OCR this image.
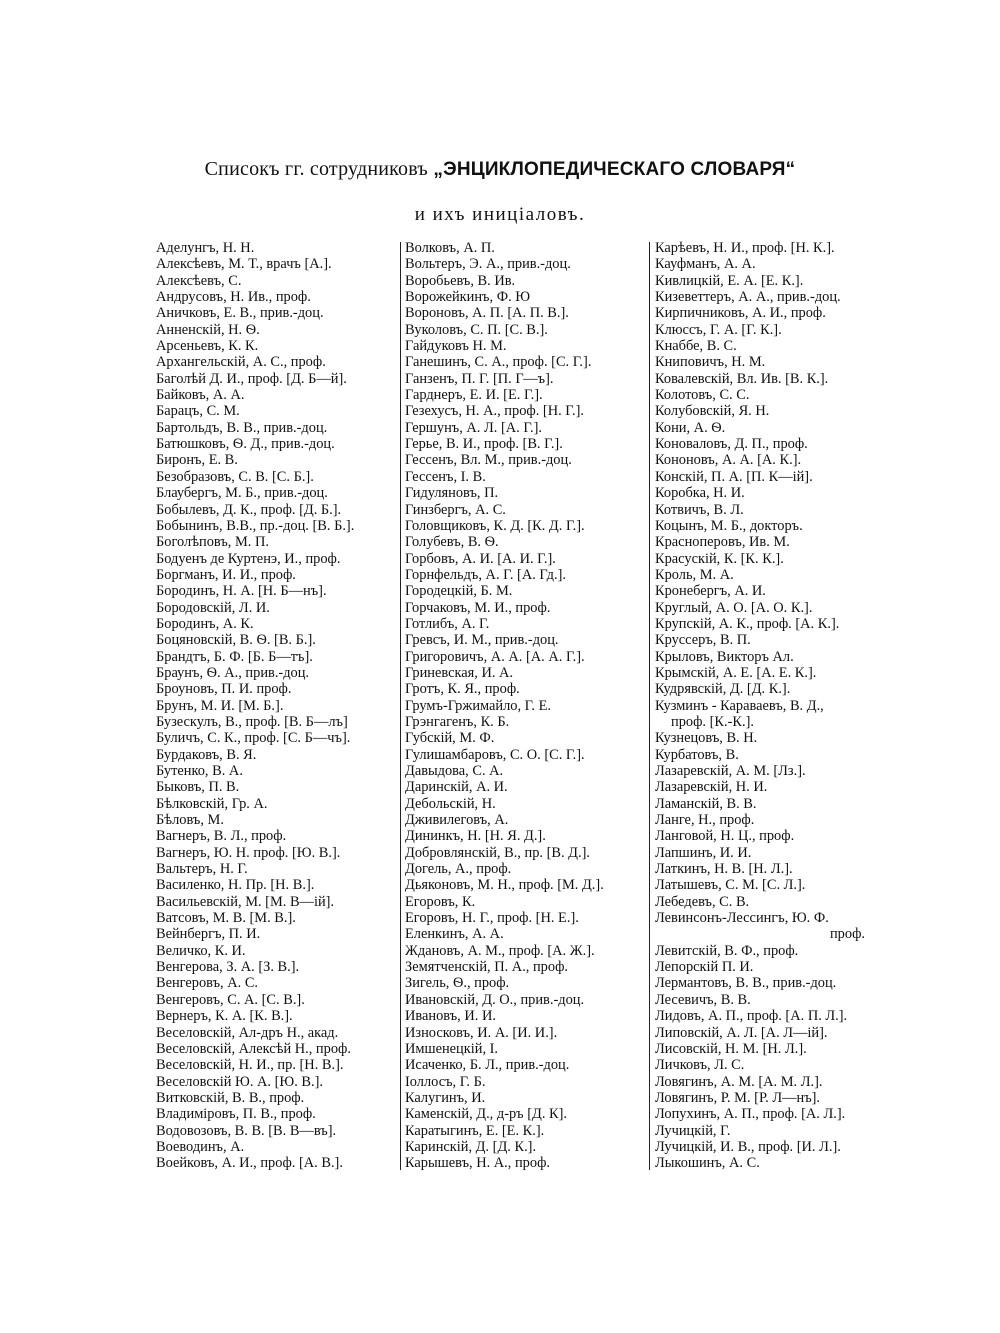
Списокъ гг. сотрудниковъ „ЭНЦИКЛОПЕДИЧЕСКАГО СЛОВАРЯ“
и ихъ иниціаловъ.
Аделунгъ, Н. Н.
Алексѣевъ, М. Т., врачъ [А.].
Алексѣевъ, С.
Андрусовъ, Н. Ив., проф.
Аничковъ, Е. В., прив.-доц.
Анненскій, Н. Ѳ.
Арсеньевъ, К. К.
Архангельскій, А. С., проф.
Баголѣй Д. И., проф. [Д. Б—й].
Байковъ, А. А.
Барацъ, С. М.
Бартольдъ, В. В., прив.-доц.
Батюшковъ, Ѳ. Д., прив.-доц.
Биронъ, Е. В.
Безобразовъ, С. В. [С. Б.].
Блаубергъ, М. Б., прив.-доц.
Бобылевъ, Д. К., проф. [Д. Б.].
Бобынинъ, В.В., пр.-доц. [В. Б.].
Боголѣповъ, М. П.
Бодуенъ де Куртенэ, И., проф.
Боргманъ, И. И., проф.
Бородинъ, Н. А. [Н. Б—нъ].
Бородовскій, Л. И.
Бородинъ, А. К.
Боцяновскій, В. Ѳ. [В. Б.].
Брандтъ, Б. Ф. [Б. Б—тъ].
Браунъ, Ѳ. А., прив.-доц.
Броуновъ, П. И. проф.
Брунъ, М. И. [М. Б.].
Бузескулъ, В., проф. [В. Б—лъ]
Буличъ, С. К., проф. [С. Б—чъ].
Бурдаковъ, В. Я.
Бутенко, В. А.
Быковъ, П. В.
Бѣлковскій, Гр. А.
Бѣловъ, М.
Вагнеръ, В. Л., проф.
Вагнеръ, Ю. Н. проф. [Ю. В.].
Вальтеръ, Н. Г.
Василенко, Н. Пр. [Н. В.].
Васильевскій, М. [М. В—ій].
Ватсовъ, М. В. [М. В.].
Вейнбергъ, П. И.
Величко, К. И.
Венгерова, З. А. [З. В.].
Венгеровъ, А. С.
Венгеровъ, С. А. [С. В.].
Вернеръ, К. А. [К. В.].
Веселовскій, Ал-дръ Н., акад.
Веселовскій, Алексѣй Н., проф.
Веселовскій, Н. И., пр. [Н. В.].
Веселовскій Ю. А. [Ю. В.].
Витковскій, В. В., проф.
Владиміровъ, П. В., проф.
Водовозовъ, В. В. [В. В—въ].
Воеводинъ, А.
Воейковъ, А. И., проф. [А. В.].
Волковъ, А. П.
Вольтеръ, Э. А., прив.-доц.
Воробьевъ, В. Ив.
Ворожейкинъ, Ф. Ю
Вороновъ, А. П. [А. П. В.].
Вуколовъ, С. П. [С. В.].
Гайдуковъ Н. М.
Ганешинъ, С. А., проф. [С. Г.].
Ганзенъ, П. Г. [П. Г—ъ].
Гарднеръ, Е. И. [Е. Г.].
Гезехусъ, Н. А., проф. [Н. Г.].
Гершунъ, А. Л. [А. Г.].
Герье, В. И., проф. [В. Г.].
Гессенъ, Вл. М., прив.-доц.
Гессенъ, I. В.
Гидуляновъ, П.
Гинзбергъ, А. С.
Головщиковъ, К. Д. [К. Д. Г.].
Голубевъ, В. Ѳ.
Горбовъ, А. И. [А. И. Г.].
Горнфельдъ, А. Г. [А. Гд.].
Городецкій, Б. М.
Горчаковъ, М. И., проф.
Готлибъ, А. Г.
Гревсъ, И. М., прив.-доц.
Григоровичъ, А. А. [А. А. Г.].
Гриневская, И. А.
Гротъ, К. Я., проф.
Грумъ-Гржимайло, Г. Е.
Грэнгагенъ, К. Б.
Губскій, М. Ф.
Гулишамбаровъ, С. О. [С. Г.].
Давыдова, С. А.
Даринскій, А. И.
Дебольскій, Н.
Дживилеговъ, А.
Дининкъ, Н. [Н. Я. Д.].
Добровлянскій, В., пр. [В. Д.].
Догель, А., проф.
Дьяконовъ, М. Н., проф. [М. Д.].
Егоровъ, К.
Егоровъ, Н. Г., проф. [Н. Е.].
Еленкинъ, А. А.
Ждановъ, А. М., проф. [А. Ж.].
Земятченскій, П. А., проф.
Зигель, Ѳ., проф.
Ивановскій, Д. О., прив.-доц.
Ивановъ, И. И.
Износковъ, И. А. [И. И.].
Имшенецкій, I.
Исаченко, Б. Л., прив.-доц.
Іоллосъ, Г. Б.
Калугинъ, И.
Каменскій, Д., д-ръ [Д. К].
Каратыгинъ, Е. [Е. К.].
Каринскій, Д. [Д. К.].
Карышевъ, Н. А., проф.
Карѣевъ, Н. И., проф. [Н. К.].
Кауфманъ, А. А.
Кивлицкій, Е. А. [Е. К.].
Кизеветтеръ, А. А., прив.-доц.
Кирпичниковъ, А. И., проф.
Клюссъ, Г. А. [Г. К.].
Кнаббе, В. С.
Книповичъ, Н. М.
Ковалевскій, Вл. Ив. [В. К.].
Колотовъ, С. С.
Колубовскій, Я. Н.
Кони, А. Ѳ.
Коноваловъ, Д. П., проф.
Кононовъ, А. А. [А. К.].
Конскій, П. А. [П. К—ій].
Коробка, Н. И.
Котвичъ, В. Л.
Коцынъ, М. Б., докторъ.
Красноперовъ, Ив. М.
Красускій, К. [К. К.].
Кроль, М. А.
Кронебергъ, А. И.
Круглый, А. О. [А. О. К.].
Крупскій, А. К., проф. [А. К.].
Круссеръ, В. П.
Крыловъ, Викторъ Ал.
Крымскій, А. Е. [А. Е. К.].
Кудрявскій, Д. [Д. К.].
Кузминъ - Караваевъ, В. Д.,
проф. [К.-К.].
Кузнецовъ, В. Н.
Курбатовъ, В.
Лазаревскій, А. М. [Лз.].
Лазаревскій, Н. И.
Ламанскій, В. В.
Ланге, Н., проф.
Ланговой, Н. Ц., проф.
Лапшинъ, И. И.
Латкинъ, Н. В. [Н. Л.].
Латышевъ, С. М. [С. Л.].
Лебедевъ, С. В.
Левинсонъ-Лессингъ, Ю. Ф.
проф.
Левитскій, В. Ф., проф.
Лепорскій П. И.
Лермантовъ, В. В., прив.-доц.
Лесевичъ, В. В.
Лидовъ, А. П., проф. [А. П. Л.].
Липовскій, А. Л. [А. Л—ій].
Лисовскій, Н. М. [Н. Л.].
Личковъ, Л. С.
Ловягинъ, А. М. [А. М. Л.].
Ловягинъ, Р. М. [Р. Л—нъ].
Лопухинъ, А. П., проф. [А. Л.].
Лучицкій, Г.
Лучицкій, И. В., проф. [И. Л.].
Лыкошинъ, А. С.
